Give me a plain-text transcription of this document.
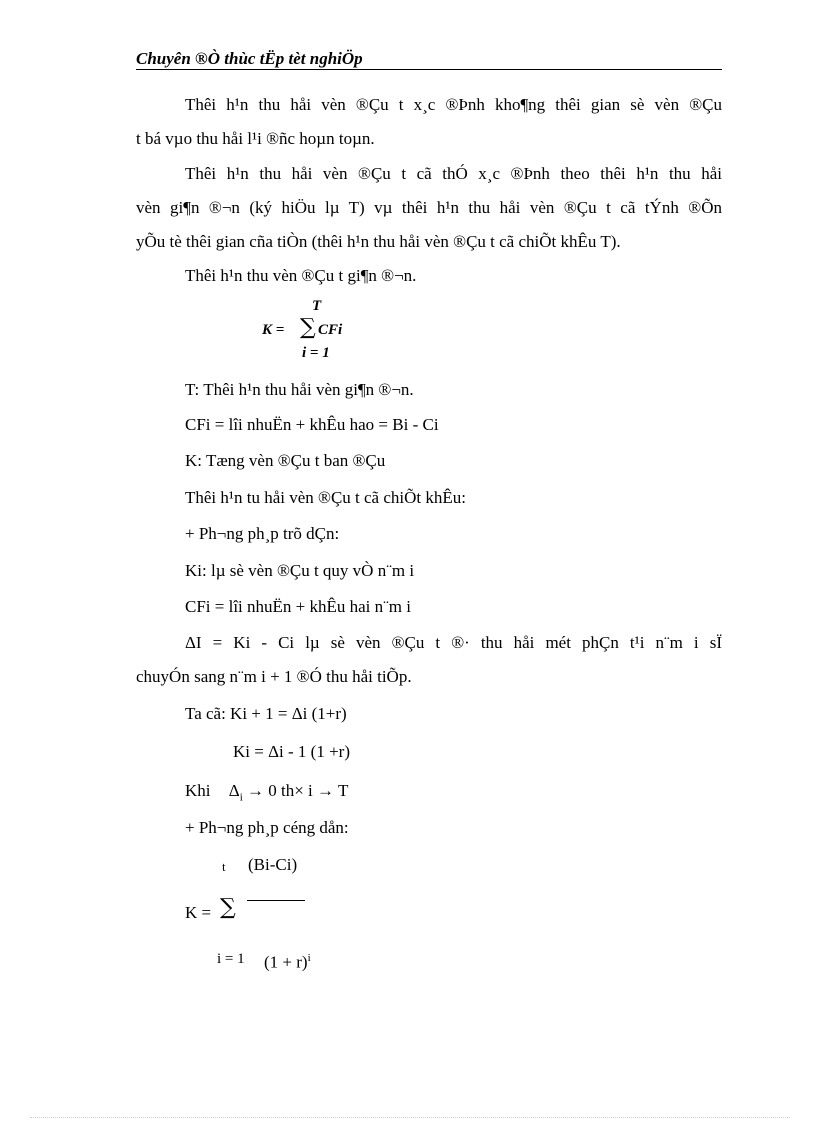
Chuyên ®Ò thùc tËp tèt nghiÖp
Thêi h¹n thu håi vèn ®Çu t x¸c ®Þnh kho¶ng thêi gian sè vèn ®Çu
t bá vµo thu håi l¹i ®ñc hoµn toµn.
Thêi h¹n thu håi vèn ®Çu t cã thÓ x¸c ®Þnh theo thêi h¹n thu håi
vèn gi¶n ®¬n (ký hiÖu lµ T) vµ thêi h¹n thu håi vèn ®Çu t cã tÝnh ®Õn
yÕu tè thêi gian cña tiÒn (thêi h¹n thu håi vèn ®Çu t cã chiÕt khÊu T).
Thêi h¹n thu vèn ®Çu t gi¶n ®¬n.
T
K = ∑ CFi
i = 1
T: Thêi h¹n thu håi vèn gi¶n ®¬n.
CFi = lîi nhuËn + khÊu hao = Bi - Ci
K: Tæng vèn ®Çu t ban ®Çu
Thêi h¹n tu håi vèn ®Çu t cã chiÕt khÊu:
+ Ph¬ng ph¸p trõ dÇn:
Ki: lµ sè vèn ®Çu t quy vÒ n¨m i
CFi = lîi nhuËn + khÊu hai n¨m i
ΔI = Ki - Ci lµ sè vèn ®Çu t ®· thu håi mét phÇn t¹i n¨m i sÏ
chuyÓn sang n¨m i + 1 ®Ó thu håi tiÕp.
Ta cã: Ki + 1 = Δi (1+r)
Ki = Δi - 1 (1 +r)
Khi $\Delta_i \to 0$ th× i → T
+ Ph¬ng ph¸p céng dån:
t (Bi-Ci)
K = ∑
i = 1 $(1 + r)^i$
